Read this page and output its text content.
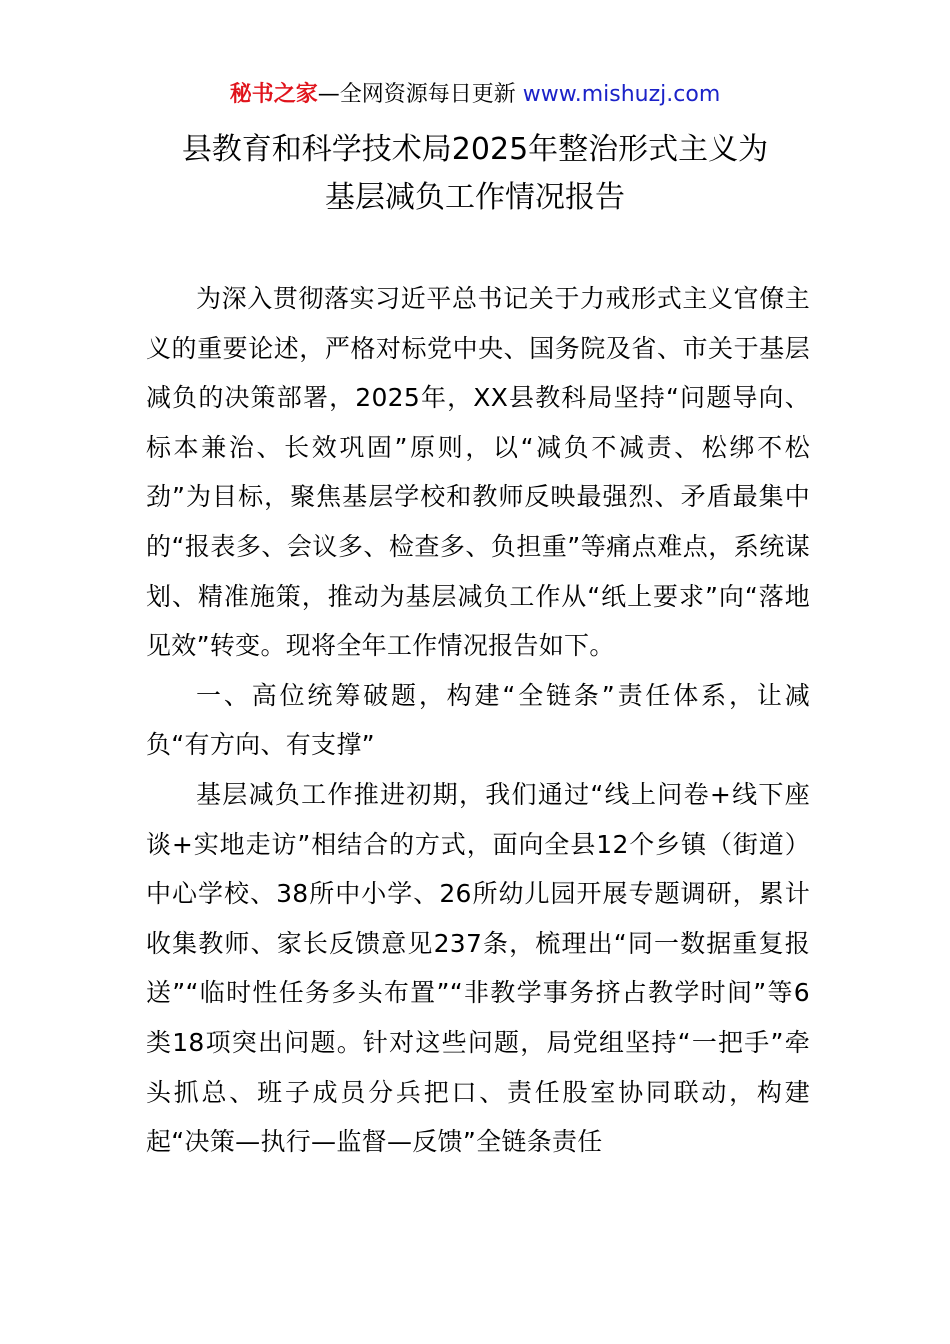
秘书之家—全网资源每日更新 www.mishuzj.com
县教育和科学技术局2025年整治形式主义为
基层减负工作情况报告

为深入贯彻落实习近平总书记关于力戒形式主义官僚主义的重要论述，严格对标党中央、国务院及省、市关于基层减负的决策部署，2025年，XX县教科局坚持“问题导向、标本兼治、长效巩固”原则，以“减负不减责、松绑不松劲”为目标，聚焦基层学校和教师反映最强烈、矛盾最集中的“报表多、会议多、检查多、负担重”等痛点难点，系统谋划、精准施策，推动为基层减负工作从“纸上要求”向“落地见效”转变。现将全年工作情况报告如下。

一、高位统筹破题，构建“全链条”责任体系，让减负“有方向、有支撑”

基层减负工作推进初期，我们通过“线上问卷+线下座谈+实地走访”相结合的方式，面向全县12个乡镇（街道）中心学校、38所中小学、26所幼儿园开展专题调研，累计收集教师、家长反馈意见237条，梳理出“同一数据重复报送”“临时性任务多头布置”“非教学事务挤占教学时间”等6类18项突出问题。针对这些问题，局党组坚持“一把手”牵头抓总、班子成员分兵把口、责任股室协同联动，构建起“决策—执行—监督—反馈”全链条责任
